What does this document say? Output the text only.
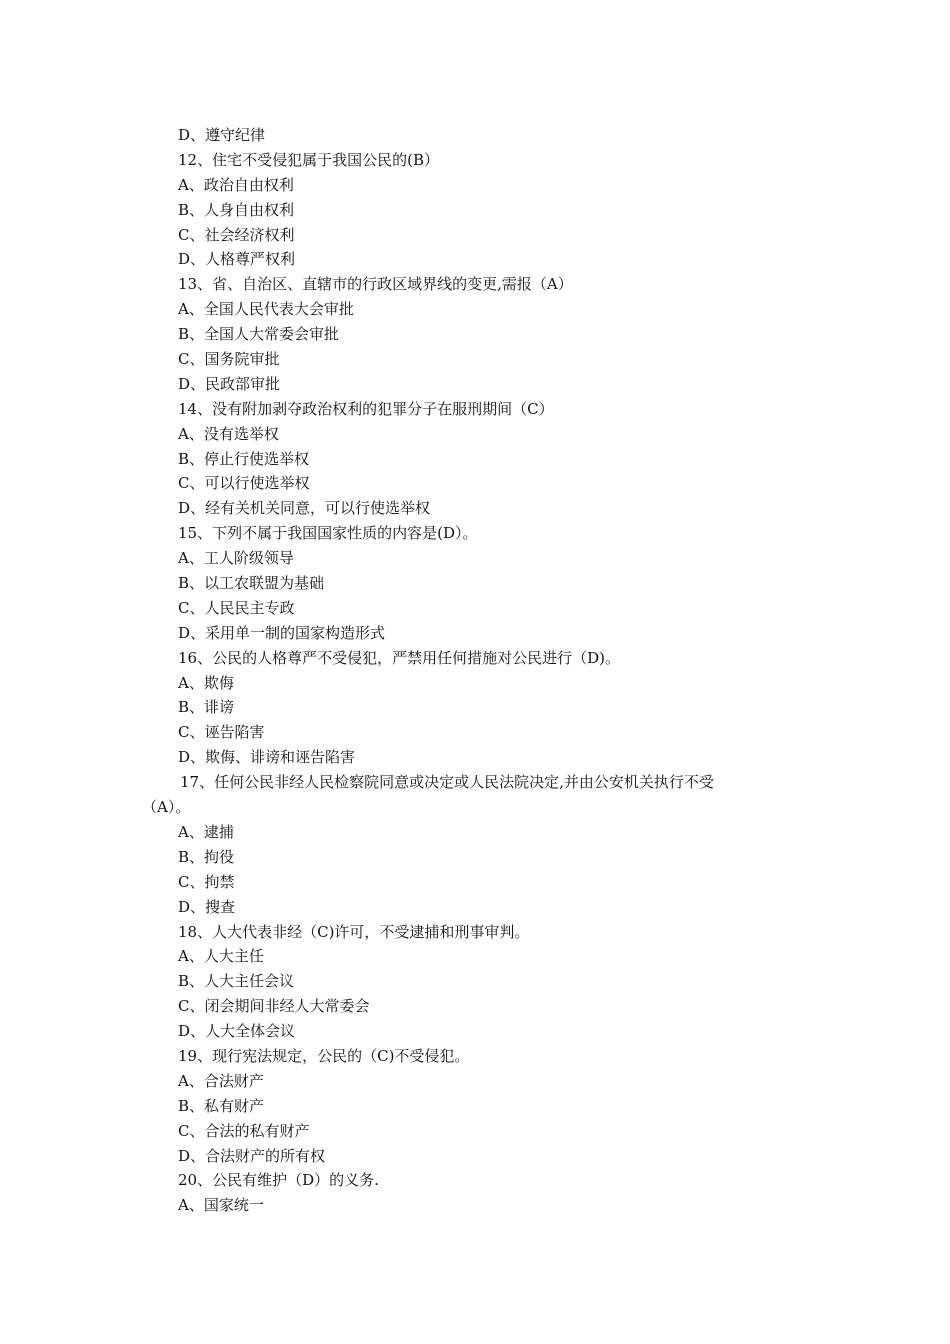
D、遵守纪律
12、住宅不受侵犯属于我国公民的(B）
A、政治自由权利
B、人身自由权利
C、社会经济权利
D、人格尊严权利
13、省、自治区、直辖市的行政区域界线的变更,需报（A）
A、全国人民代表大会审批
B、全国人大常委会审批
C、国务院审批
D、民政部审批
14、没有附加剥夺政治权利的犯罪分子在服刑期间（C）
A、没有选举权
B、停止行使选举权
C、可以行使选举权
D、经有关机关同意，可以行使选举权
15、下列不属于我国国家性质的内容是(D）。
A、工人阶级领导
B、以工农联盟为基础
C、人民民主专政
D、采用单一制的国家构造形式
16、公民的人格尊严不受侵犯，严禁用任何措施对公民进行（D)。
A、欺侮
B、诽谤
C、诬告陷害
D、欺侮、诽谤和诬告陷害
17、任何公民非经人民检察院同意或决定或人民法院决定,并由公安机关执行不受
（A）。
A、逮捕
B、拘役
C、拘禁
D、搜查
18、人大代表非经（C)许可，不受逮捕和刑事审判。
A、人大主任
B、人大主任会议
C、闭会期间非经人大常委会
D、人大全体会议
19、现行宪法规定，公民的（C)不受侵犯。
A、合法财产
B、私有财产
C、合法的私有财产
D、合法财产的所有权
20、公民有维护（D）的义务.
A、国家统一
